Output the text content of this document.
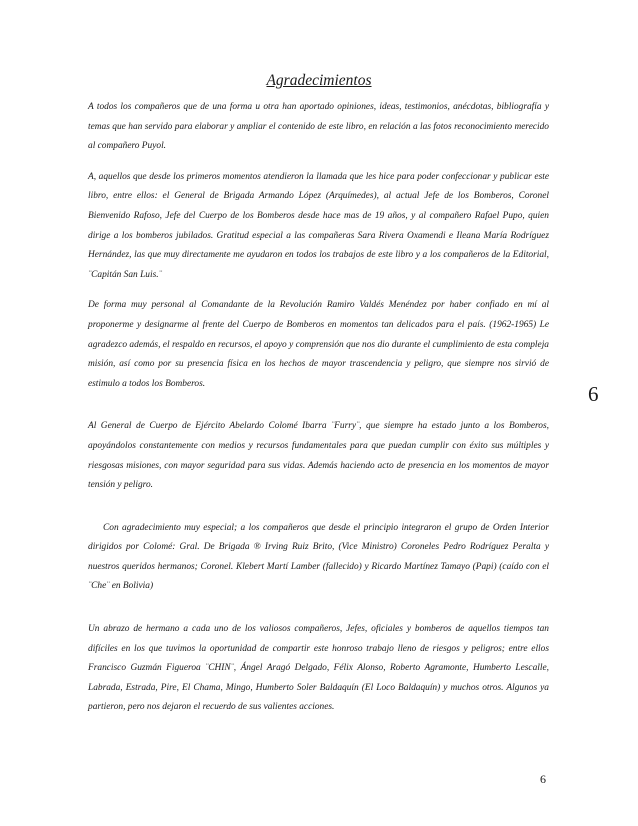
Agradecimientos

A todos los compañeros que de una forma u otra han aportado opiniones, ideas, testimonios, anécdotas, bibliografía y temas que han servido para elaborar y ampliar el contenido de este libro, en relación a las fotos reconocimiento merecido al compañero Puyol.

A, aquellos que desde los primeros momentos atendieron la llamada que les hice para poder confeccionar y publicar este libro, entre ellos: el General de Brigada Armando López (Arquímedes), al actual Jefe de los Bomberos, Coronel Bienvenido Rafoso, Jefe del Cuerpo de los Bomberos desde hace mas de 19 años, y al compañero Rafael Pupo, quien dirige a los bomberos jubilados. Gratitud especial a las compañeras Sara Rivera Oxamendi e Ileana María Rodríguez Hernández, las que muy directamente me ayudaron en todos los trabajos de este libro y a los compañeros de la Editorial, ¨Capitán San Luis.¨

De forma muy personal al Comandante de la Revolución Ramiro Valdés Menéndez por haber confiado en mí al proponerme y designarme al frente del Cuerpo de Bomberos en momentos tan delicados para el país. (1962-1965) Le agradezco además, el respaldo en recursos, el apoyo y comprensión que nos dio durante el cumplimiento de esta compleja misión, así como por su presencia física en los hechos de mayor trascendencia y peligro, que siempre nos sirvió de estimulo a todos los Bomberos.

Al General de Cuerpo de Ejército Abelardo Colomé Ibarra ¨Furry¨, que siempre ha estado junto a los Bomberos, apoyándolos constantemente con medios y recursos fundamentales para que puedan cumplir con éxito sus múltiples y riesgosas misiones, con mayor seguridad para sus vidas. Además haciendo acto de presencia en los momentos de mayor tensión y peligro.

Con agradecimiento muy especial; a los compañeros que desde el principio integraron el grupo de Orden Interior dirigidos por Colomé: Gral. De Brigada ® Irving Ruiz Brito, (Vice Ministro) Coroneles Pedro Rodríguez Peralta y nuestros queridos hermanos; Coronel. Klebert Martí Lamber (fallecido) y Ricardo Martínez Tamayo (Papi) (caído con el ¨Che¨ en Bolivia)

Un abrazo de hermano a cada uno de los valiosos compañeros, Jefes, oficiales y bomberos de aquellos tiempos tan difíciles en los que tuvimos la oportunidad de compartir este honroso trabajo lleno de riesgos y peligros; entre ellos Francisco Guzmán Figueroa ¨CHIN¨, Ángel Aragó Delgado, Félix Alonso, Roberto Agramonte, Humberto Lescalle, Labrada, Estrada, Pire, El Chama, Mingo, Humberto Soler Baldaquín (El Loco Baldaquín) y muchos otros. Algunos ya partieron, pero nos dejaron el recuerdo de sus valientes acciones.

6
6
